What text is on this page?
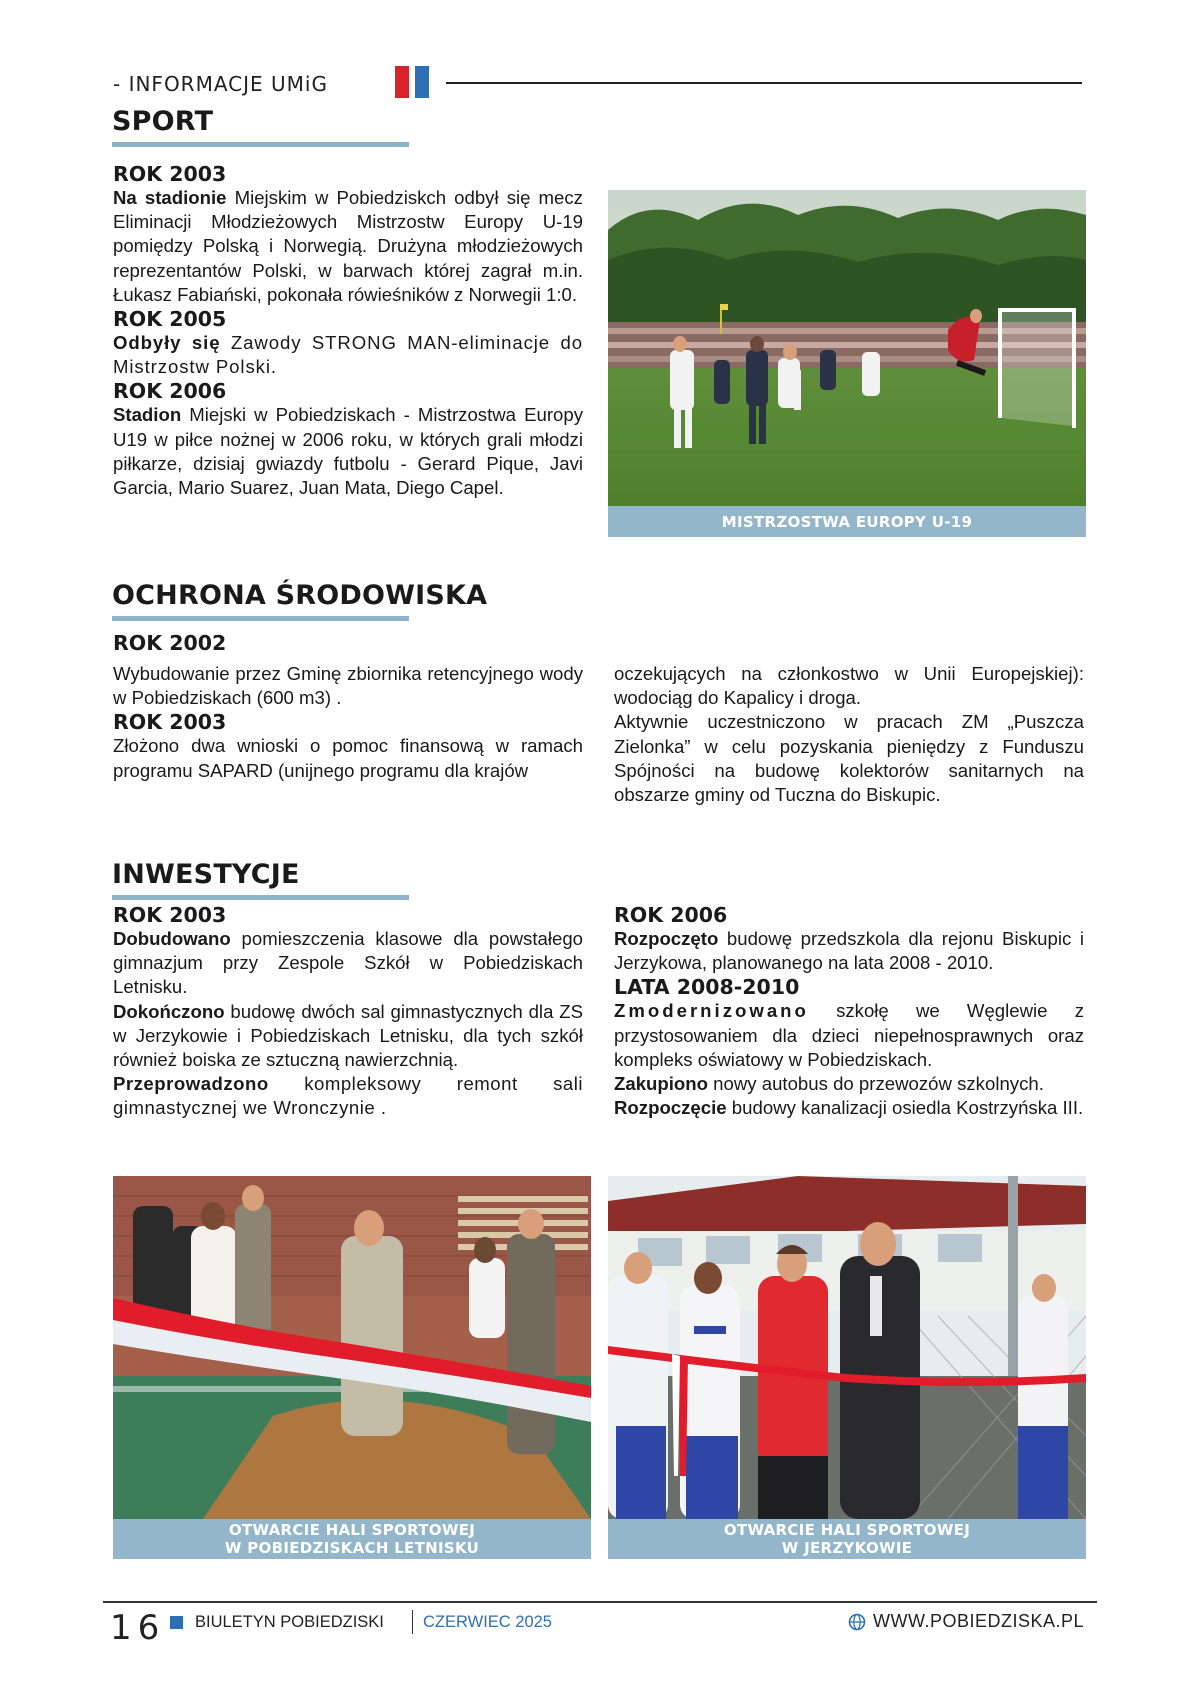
- INFORMACJE UMiG
SPORT
ROK 2003

Na stadionie Miejskim w Pobiedziskch odbył się mecz Eliminacji Młodzieżowych Mistrzostw Europy U-19 pomiędzy Polską i Norwegią. Drużyna młodzieżowych reprezentantów Polski, w barwach której zagrał m.in. Łukasz Fabiański, pokonała rówieśników z Norwegii 1:0.

ROK 2005

Odbyły się Zawody STRONG MAN-eliminacje do Mistrzostw Polski.

ROK 2006

Stadion Miejski w Pobiedziskach - Mistrzostwa Europy U19 w piłce nożnej w 2006 roku, w których grali młodzi piłkarze, dzisiaj gwiazdy futbolu - Gerard Pique, Javi Garcia, Mario Suarez, Juan Mata, Diego Capel.

MISTRZOSTWA EUROPY U-19
OCHRONA ŚRODOWISKA
ROK 2002

Wybudowanie przez Gminę zbiornika retencyjnego wody w Pobiedziskach (600 m3) .

ROK 2003

Złożono dwa wnioski o pomoc finansową w ramach programu SAPARD (unijnego programu dla krajów

oczekujących na członkostwo w Unii Europejskiej): wodociąg do Kapalicy i droga.

Aktywnie uczestniczono w pracach ZM „Puszcza Zielonka” w celu pozyskania pieniędzy z Funduszu Spójności na budowę kolektorów sanitarnych na obszarze gminy od Tuczna do Biskupic.

INWESTYCJE
ROK 2003

Dobudowano pomieszczenia klasowe dla powstałego gimnazjum przy Zespole Szkół w Pobiedziskach Letnisku.

Dokończono budowę dwóch sal gimnastycznych dla ZS w Jerzykowie i Pobiedziskach Letnisku, dla tych szkół również boiska ze sztuczną nawierzchnią.

Przeprowadzono kompleksowy remont sali gimnastycznej we Wronczynie .

ROK 2006

Rozpoczęto budowę przedszkola dla rejonu Biskupic i Jerzykowa, planowanego na lata 2008 - 2010.

LATA 2008-2010

Zmodernizowano szkołę we Węglewie z przystosowaniem dla dzieci niepełnosprawnych oraz kompleks oświatowy w Pobiedziskach.

Zakupiono nowy autobus do przewozów szkolnych.

Rozpoczęcie budowy kanalizacji osiedla Kostrzyńska III.

OTWARCIE HALI SPORTOWEJ
W POBIEDZISKACH LETNISKU
OTWARCIE HALI SPORTOWEJ
W JERZYKOWIE
16 BIULETYN POBIEDZISKI CZERWIEC 2025	WWW.POBIEDZISKA.PL
